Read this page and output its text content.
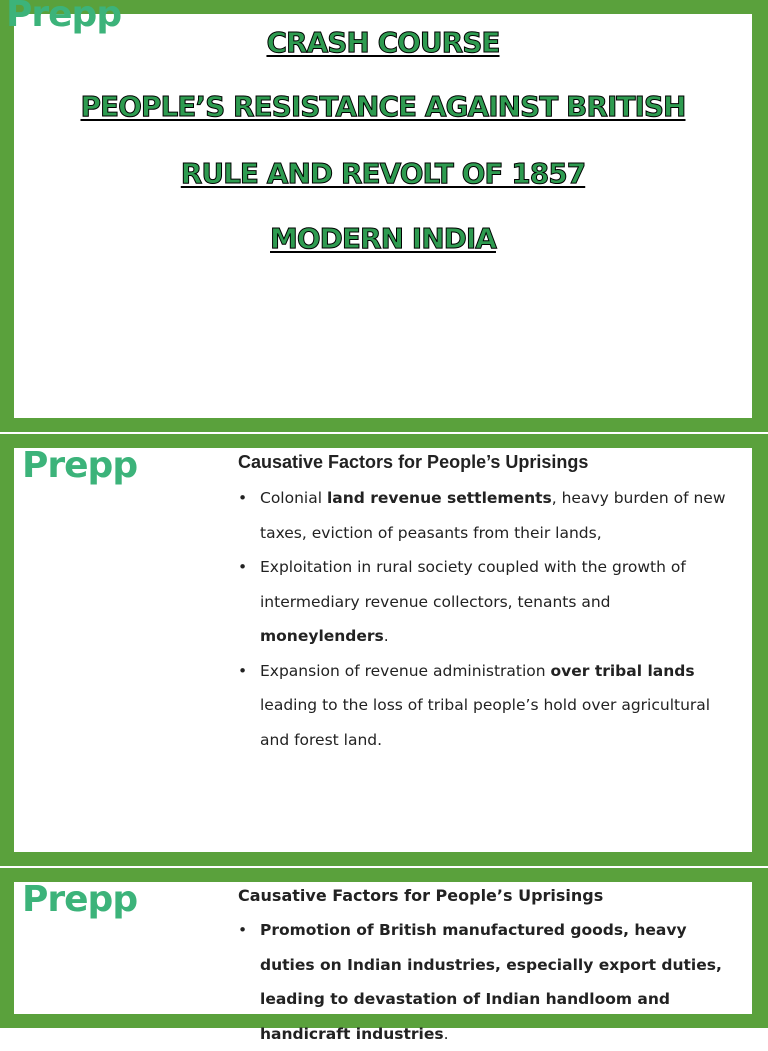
CRASH COURSE
PEOPLE’S RESISTANCE AGAINST BRITISH
RULE AND REVOLT OF 1857
MODERN INDIA
Prepp
Prepp	Causative Factors for People’s Uprisings
• Colonial land revenue settlements, heavy burden of new taxes, eviction of peasants from their lands,
• Exploitation in rural society coupled with the growth of intermediary revenue collectors, tenants and moneylenders.
• Expansion of revenue administration over tribal lands leading to the loss of tribal people’s hold over agricultural and forest land.
Prepp	Causative Factors for People’s Uprisings
• Promotion of British manufactured goods, heavy duties on Indian industries, especially export duties, leading to devastation of Indian handloom and handicraft industries.
